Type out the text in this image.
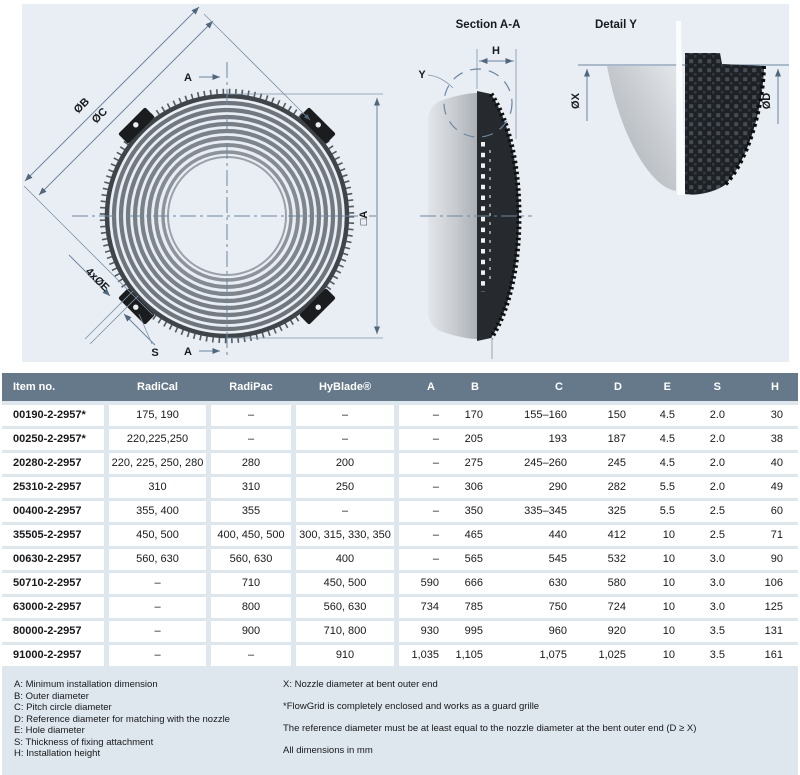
□A
A
A
ØB
ØC
4xØE
S
Section A-A
H
Y
Detail Y
ØX	ØD
Item no.	RadiCal	RadiPac	HyBlade®	A	B	C	D	E	S	H
00190-2-2957*	175, 190	–	–	–	170	155–160	150	4.5	2.0	30
00250-2-2957*	220,225,250	–	–	–	205	193	187	4.5	2.0	38
20280-2-2957	220, 225, 250, 280	280	200	–	275	245–260	245	4.5	2.0	40
25310-2-2957	310	310	250	–	306	290	282	5.5	2.0	49
00400-2-2957	355, 400	355	–	–	350	335–345	325	5.5	2.5	60
35505-2-2957	450, 500	400, 450, 500	300, 315, 330, 350	–	465	440	412	10	2.5	71
00630-2-2957	560, 630	560, 630	400	–	565	545	532	10	3.0	90
50710-2-2957	–	710	450, 500	590	666	630	580	10	3.0	106
63000-2-2957	–	800	560, 630	734	785	750	724	10	3.0	125
80000-2-2957	–	900	710, 800	930	995	960	920	10	3.5	131
91000-2-2957	–	–	910	1,035	1,105	1,075	1,025	10	3.5	161
A: Minimum installation dimension
B: Outer diameter
C: Pitch circle diameter
D: Reference diameter for matching with the nozzle
E: Hole diameter
S: Thickness of fixing attachment
H: Installation height
X: Nozzle diameter at bent outer end
*FlowGrid is completely enclosed and works as a guard grille
The reference diameter must be at least equal to the nozzle diameter at the bent outer end (D ≥ X)
All dimensions in mm
